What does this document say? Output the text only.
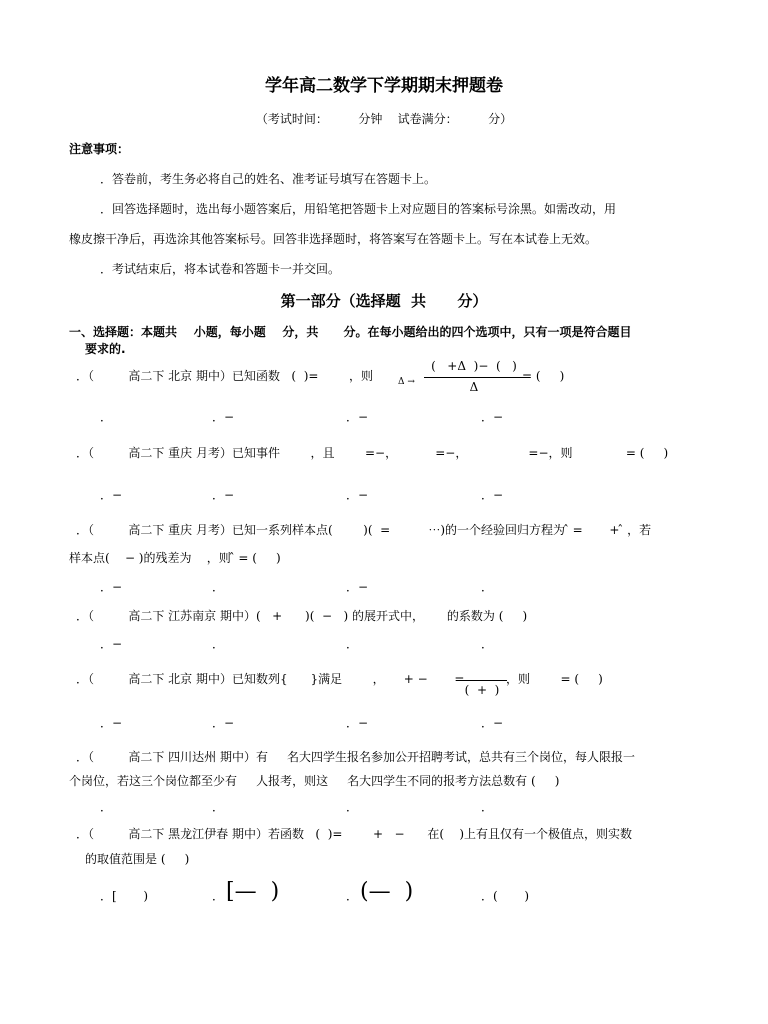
学年高二数学下学期期末押题卷
（考试时间：        分钟    试卷满分：        分）
注意事项：
．答卷前，考生务必将自己的姓名、准考证号填写在答题卡上。
．回答选择题时，选出每小题答案后，用铅笔把答题卡上对应题目的答案标号涂黑。如需改动，用
橡皮擦干净后，再选涂其他答案标号。回答非选择题时，将答案写在答题卡上。写在本试卷上无效。
．考试结束后，将本试卷和答题卡一并交回。
第一部分（选择题  共      分）
一、选择题：本题共    小题，每小题    分，共      分。在每小题给出的四个选项中，只有一项是符合题目
要求的.
．（         高二下 北京 期中）已知函数   (  )=        ，则	Δ →
(   +Δ  )−  (   )
Δ
= (     )
．	．−	．−	．−
．（         高二下 重庆 月考）已知事件        ，且        =−，          =−，                =−，则              = (     )
．−	．−	．−	．−
．（         高二下 重庆 月考）已知一系列样本点(        )(  =          ⋯)的一个经验回归方程为 ̂ =       + ̂ ，若
样本点(    − )的残差为    ，则 ̂ = (     )
．−	．	．−	．
．（         高二下 江苏南京 期中）(   +      )(  −   ) 的展开式中，      的系数为 (     )
．−	．	．	．
．（         高二下 北京 期中）已知数列{      }满足        ，     + −       =
(  +  )
，则        = (     )
．−	．−	．−	．−
．（         高二下 四川达州 期中）有     名大四学生报名参加公开招聘考试，总共有三个岗位，每人限报一
个岗位，若这三个岗位都至少有     人报考，则这     名大四学生不同的报考方法总数有 (     )
．	．	．	．
．（         高二下 黑龙江伊春 期中）若函数   (  )=        +   −      在(    )上有且仅有一个极值点，则实数
的取值范围是 (     )
．[       )	． [—  )	． (—  )	．(       )
